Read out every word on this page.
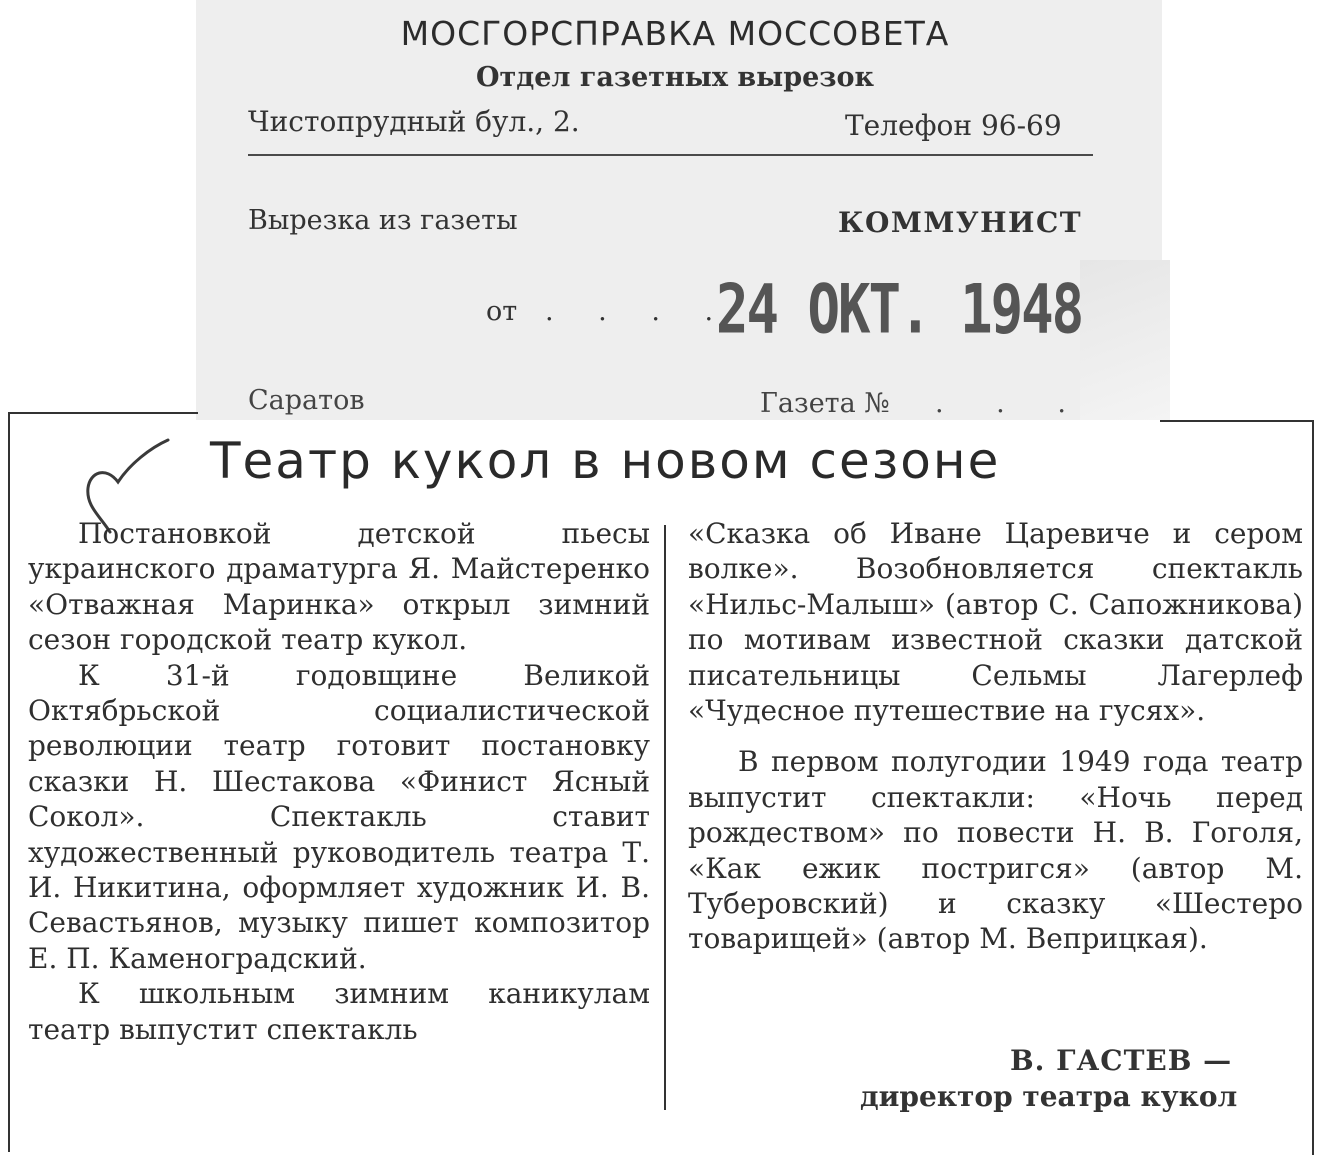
МОСГОРСПРАВКА МОССОВЕТА
Отдел газетных вырезок
Чистопрудный бул., 2.	Телефон 96-69
Вырезка из газеты	КОММУНИСТ
от . . . .
24 ОКТ. 1948
Саратов	Газета № . . .
Театр кукол в новом сезоне

Постановкой детской пьесы украинского драматурга Я. Майстеренко «Отважная Маринка» открыл зимний сезон городской театр кукол.

К 31-й годовщине Великой Октябрьской социалистической революции театр готовит постановку сказки Н. Шестакова «Финист Ясный Сокол». Спектакль ставит художественный руководитель театра Т. И. Никитина, оформляет художник И. В. Севастьянов, музыку пишет композитор Е. П. Каменоградский.

К школьным зимним каникулам театр выпустит спектакль

«Сказка об Иване Царевиче и сером волке». Возобновляется спектакль «Нильс-Малыш» (автор С. Сапожникова) по мотивам известной сказки датской писательницы Сельмы Лагерлеф «Чудесное путешествие на гусях».

В первом полугодии 1949 года театр выпустит спектакли: «Ночь перед рождеством» по повести Н. В. Гоголя, «Как ежик постригся» (автор М. Туберовский) и сказку «Шестеро товарищей» (автор М. Веприцкая).

В. ГАСТЕВ —
директор театра кукол
